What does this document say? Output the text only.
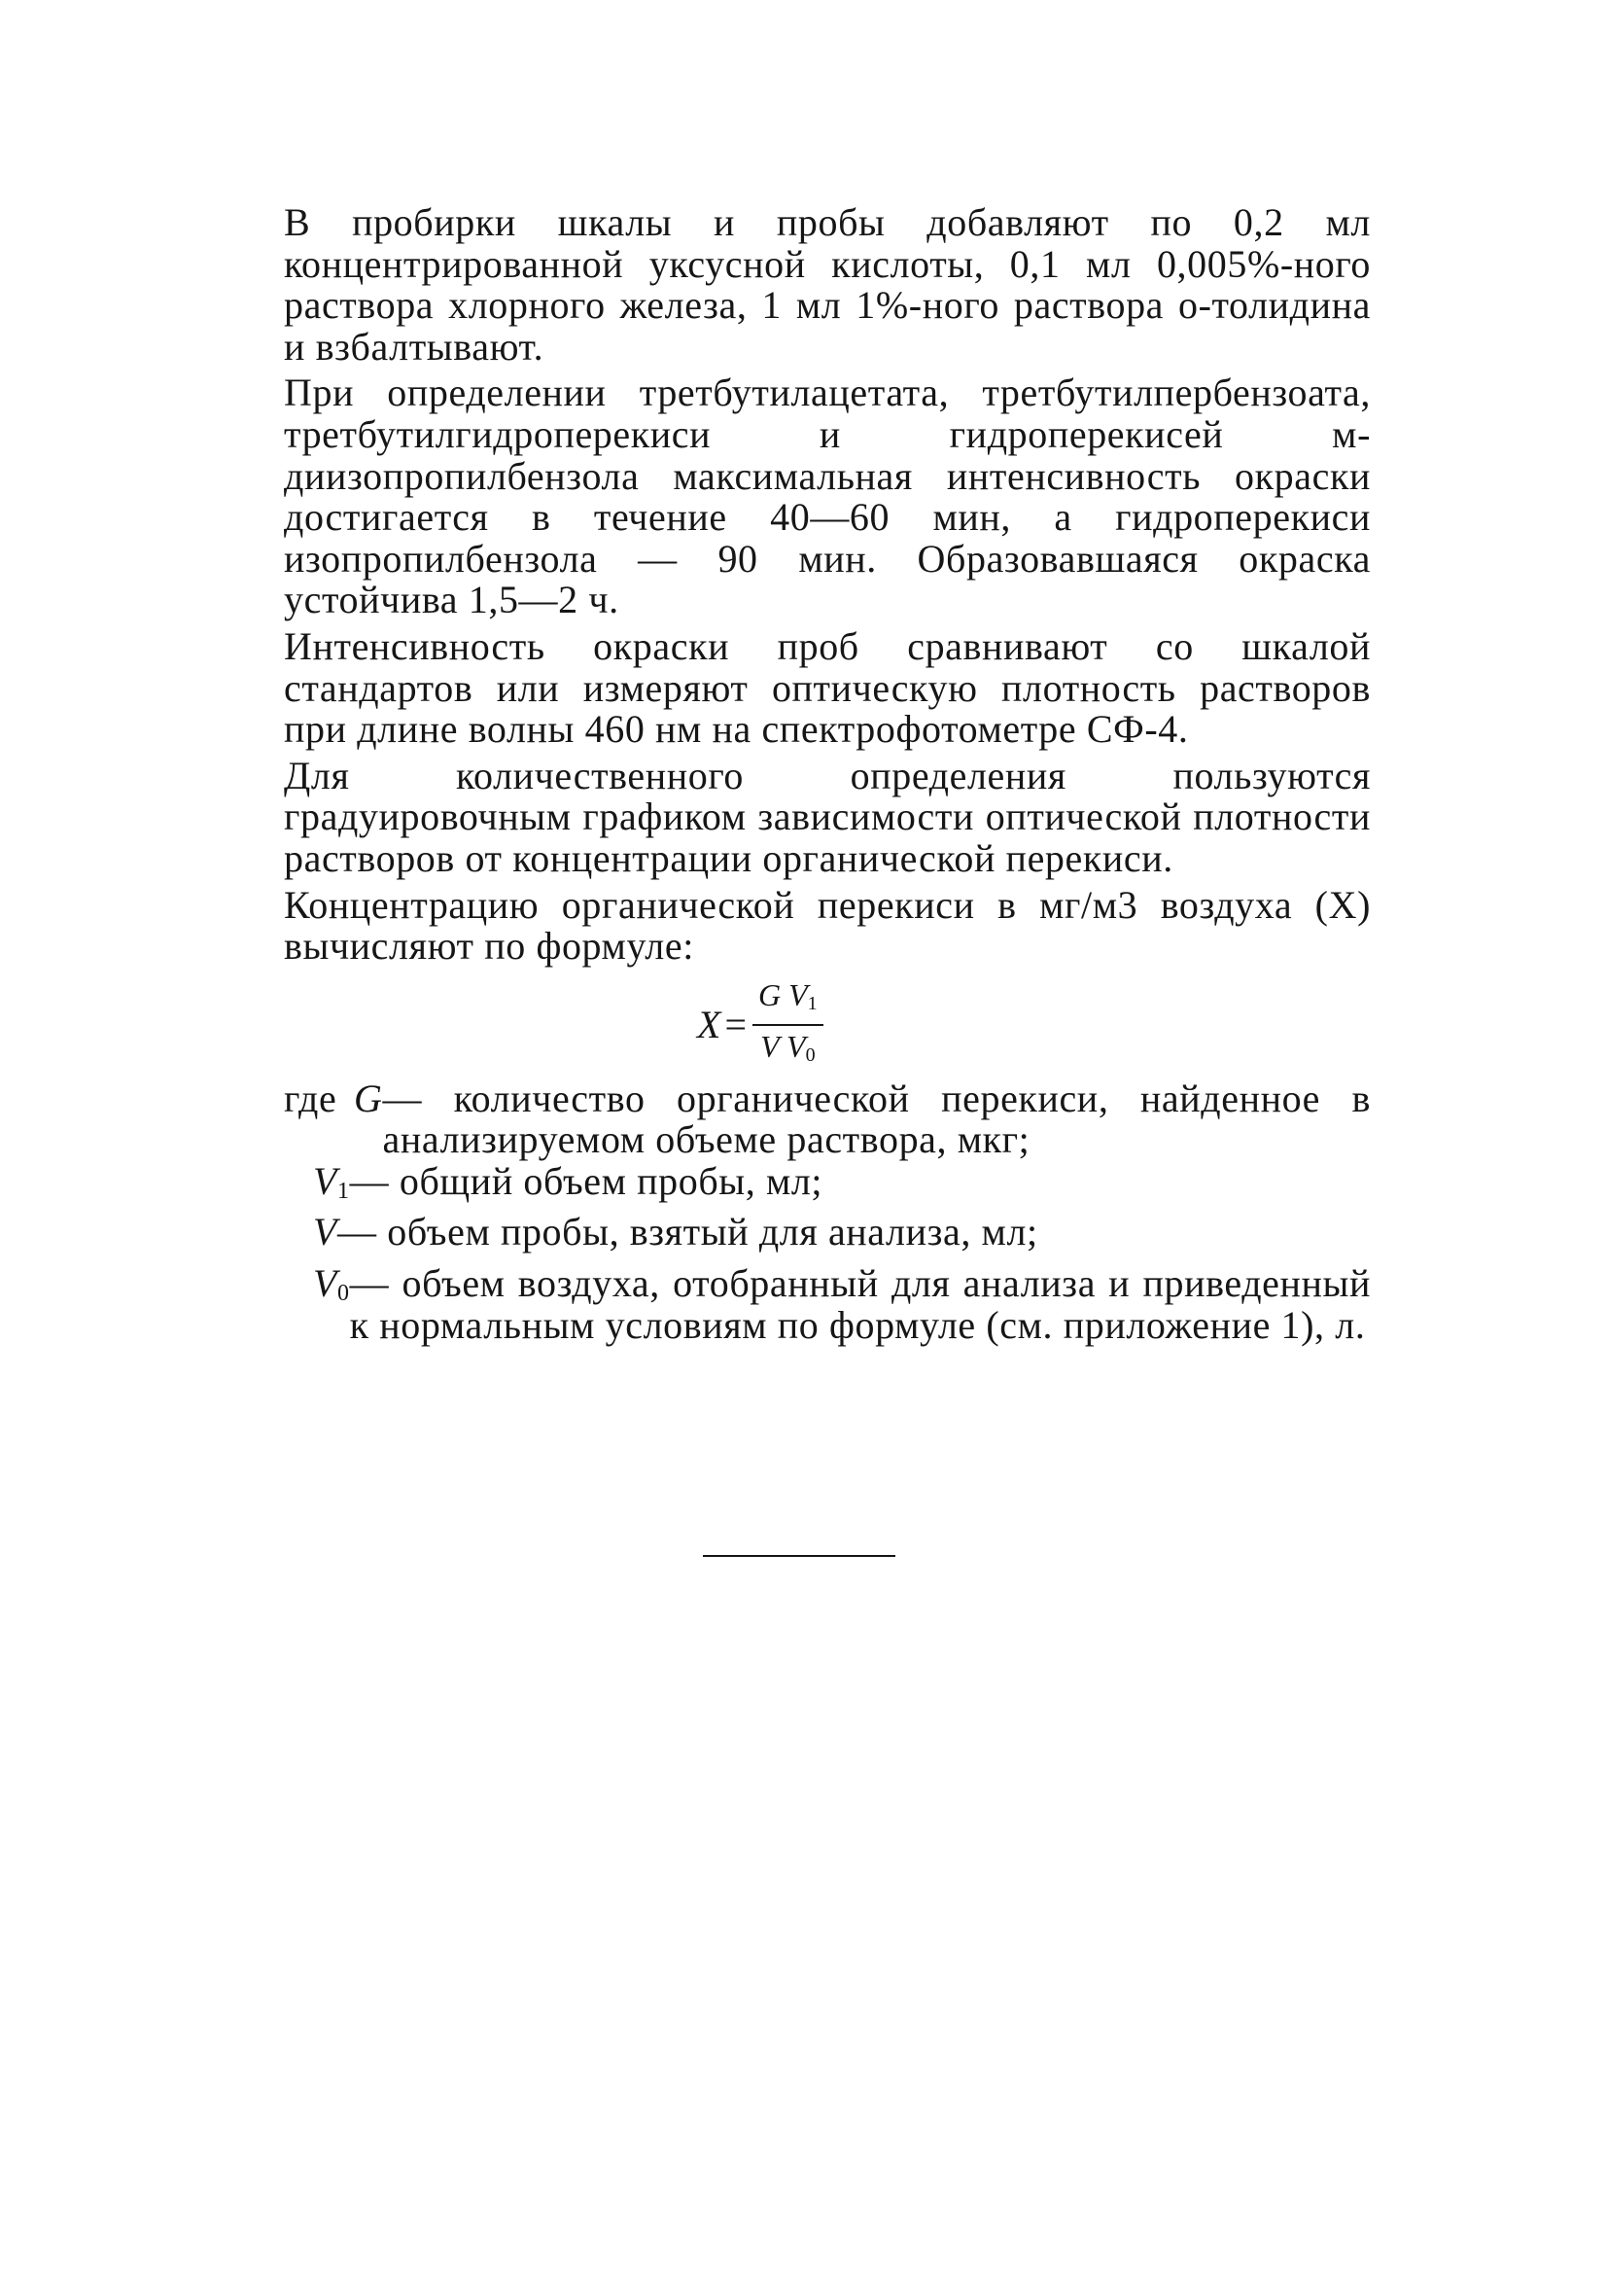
В пробирки шкалы и пробы добавляют по 0,2 мл концентрированной уксусной кислоты, 0,1 мл 0,005%-ного раствора хлорного железа, 1 мл 1%-ного раствора о-толидина и взбалтывают.

При определении третбутилацетата, третбутилпербензоата, третбутилгидроперекиси и гидроперекисей м-диизопропилбензола максимальная интенсивность окраски достигается в течение 40—60 мин, а гидроперекиси изопропилбензола — 90 мин. Образовавшаяся окраска устойчива 1,5—2 ч.

Интенсивность окраски проб сравнивают со шкалой стандартов или измеряют оптическую плотность растворов при длине волны 460 нм на спектрофотометре СФ-4.

Для количественного определения пользуются градуировочным графиком зависимости оптической плотности растворов от концентрации органической перекиси.

Концентрацию органической перекиси в мг/м3 воздуха (X) вычисляют по формуле:

$X = \frac{G V_1}{V V_0}$
где G — количество органической перекиси, найденное в анализируемом объеме раствора, мкг;
$V_1$ — общий объем пробы, мл;
V — объем пробы, взятый для анализа, мл;
$V_0$ — объем воздуха, отобранный для анализа и приведенный к нормальным условиям по формуле (см. приложение 1), л.
